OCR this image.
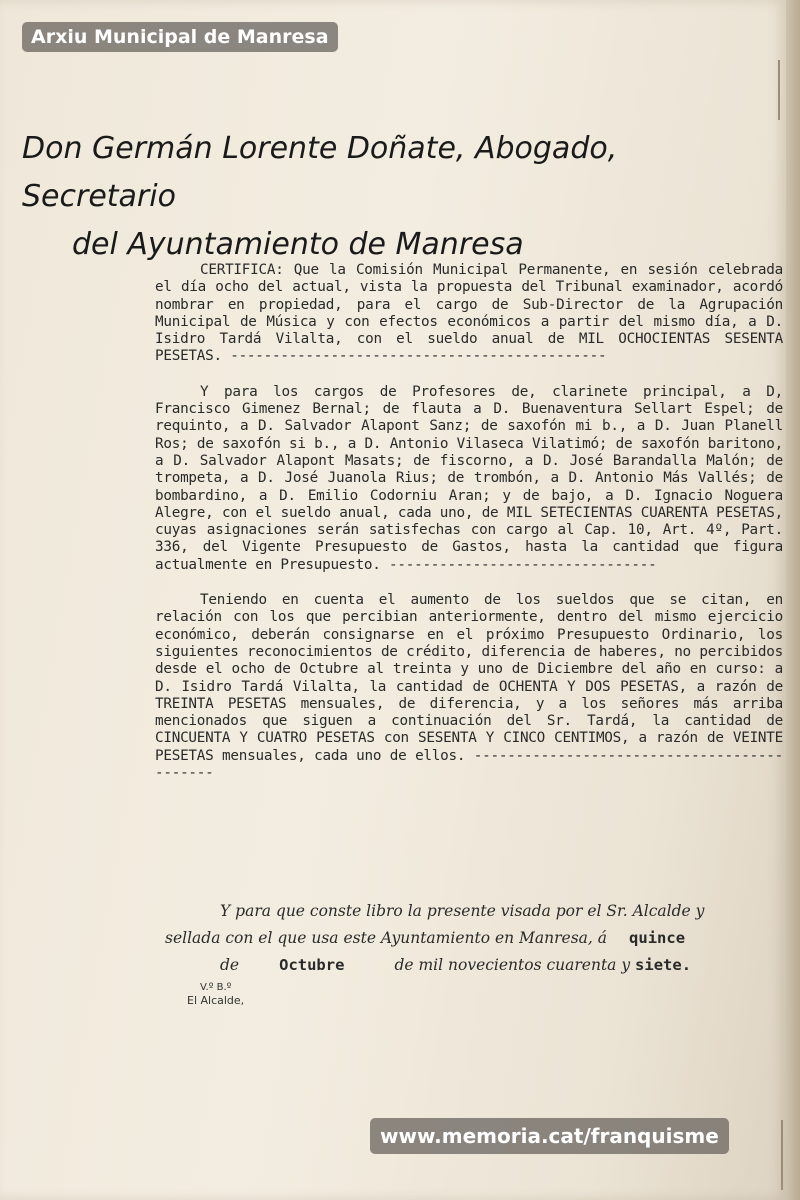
Arxiu Municipal de Manresa
Don Germán Lorente Doñate, Abogado, Secretario
del Ayuntamiento de Manresa

CERTIFICA: Que la Comisión Municipal Permanente, en sesión celebrada el día ocho del actual, vista la propuesta del Tribunal examinador, acordó nombrar en propiedad, para el cargo de Sub-Director de la Agrupación Municipal de Música y con efectos económicos a partir del mismo día, a D. Isidro Tardá Vilalta, con el sueldo anual de MIL OCHOCIENTAS SESENTA PESETAS. ---------------------------------------------

Y para los cargos de Profesores de, clarinete principal, a D, Francisco Gimenez Bernal; de flauta a D. Buenaventura Sellart Espel; de requinto, a D. Salvador Alapont Sanz; de saxofón mi b., a D. Juan Planell Ros; de saxofón si b., a D. Antonio Vilaseca Vilatimó; de saxofón baritono, a D. Salvador Alapont Masats; de fiscorno, a D. José Barandalla Malón; de trompeta, a D. José Juanola Rius; de trombón, a D. Antonio Más Vallés; de bombardino, a D. Emilio Codorniu Aran; y de bajo, a D. Ignacio Noguera Alegre, con el sueldo anual, cada uno, de MIL SETECIENTAS CUARENTA PESETAS, cuyas asignaciones serán satisfechas con cargo al Cap. 10, Art. 4º, Part. 336, del Vigente Presupuesto de Gastos, hasta la cantidad que figura actualmente en Presupuesto. --------------------------------

Teniendo en cuenta el aumento de los sueldos que se citan, en relación con los que percibian anteriormente, dentro del mismo ejercicio económico, deberán consignarse en el próximo Presupuesto Ordinario, los siguientes reconocimientos de crédito, diferencia de haberes, no percibidos desde el ocho de Octubre al treinta y uno de Diciembre del año en curso: a D. Isidro Tardá Vilalta, la cantidad de OCHENTA Y DOS PESETAS, a razón de TREINTA PESETAS mensuales, de diferencia, y a los señores más arriba mencionados que siguen a continuación del Sr. Tardá, la cantidad de CINCUENTA Y CUATRO PESETAS con SESENTA Y CINCO CENTIMOS, a razón de VEINTE PESETAS mensuales, cada uno de ellos. --------------------------------------------

Y para que conste libro la presente visada por el Sr. Alcalde y
sellada con el que usa este Ayuntamiento en Manresa, á quince
de	Octubre	de mil novecientos cuarenta y siete.
V.º B.º
El Alcalde,
www.memoria.cat/franquisme
